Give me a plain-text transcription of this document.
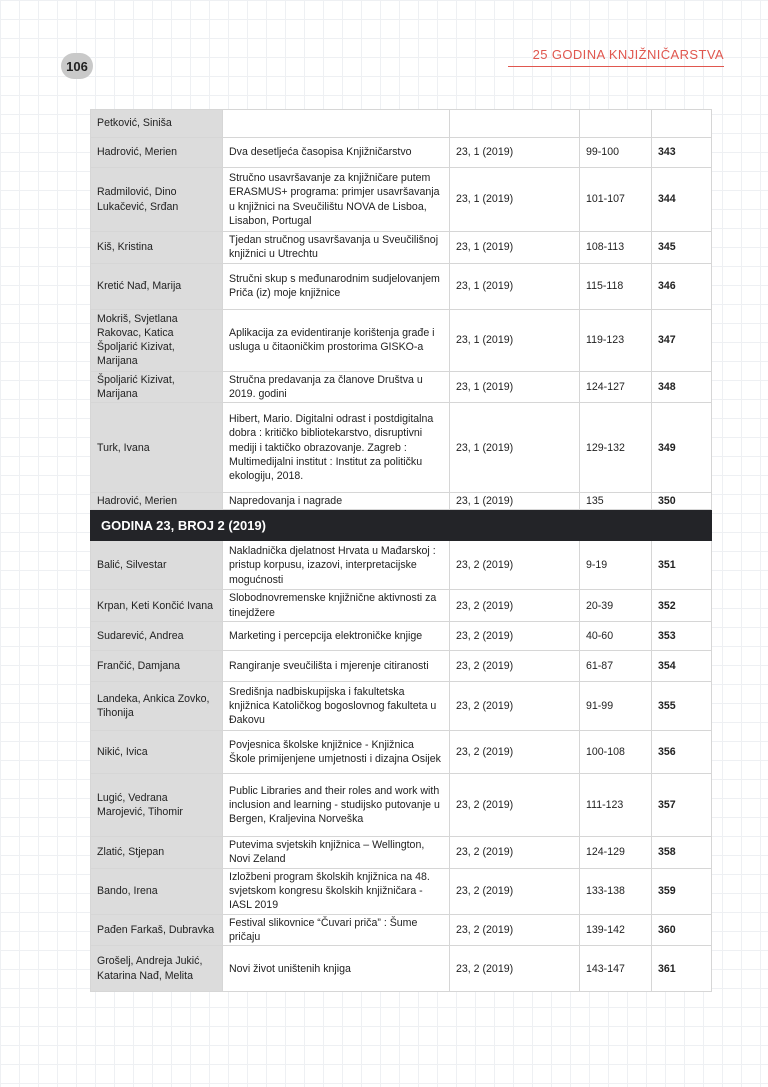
106
25 GODINA KNJIŽNIČARSTVA
Petković, Siniša				
Hadrović, Merien	Dva desetljeća časopisa Knjižničarstvo	23, 1 (2019)	99-100	343
Radmilović, Dino Lukačević, Srđan	Stručno usavršavanje za knjižničare putem ERASMUS+ programa: primjer usavršavanja u knjižnici na Sveučilištu NOVA de Lisboa, Lisabon, Portugal	23, 1 (2019)	101-107	344
Kiš, Kristina	Tjedan stručnog usavršavanja u Sveučilišnoj knjižnici u Utrechtu	23, 1 (2019)	108-113	345
Kretić Nađ, Marija	Stručni skup s međunarodnim sudjelovanjem Priča (iz) moje knjižnice	23, 1 (2019)	115-118	346
Mokriš, Svjetlana Rakovac, Katica Špoljarić Kizivat, Marijana	Aplikacija za evidentiranje korištenja građe i usluga u čitaoničkim prostorima GISKO-a	23, 1 (2019)	119-123	347
Špoljarić Kizivat, Marijana	Stručna predavanja za članove Društva u 2019. godini	23, 1 (2019)	124-127	348
Turk, Ivana	Hibert, Mario. Digitalni odrast i postdigitalna dobra : kritičko bibliotekarstvo, disruptivni mediji i taktičko obrazovanje. Zagreb : Multimedijalni institut : Institut za političku ekologiju, 2018.	23, 1 (2019)	129-132	349
Hadrović, Merien	Napredovanja i nagrade	23, 1 (2019)	135	350
GODINA 23, BROJ 2 (2019)				
Balić, Silvestar	Nakladnička djelatnost Hrvata u Mađarskoj : pristup korpusu, izazovi, interpretacijske mogućnosti	23, 2 (2019)	9-19	351
Krpan, Keti Končić Ivana	Slobodnovremenske knjižnične aktivnosti za tinejdžere	23, 2 (2019)	20-39	352
Sudarević, Andrea	Marketing i percepcija elektroničke knjige	23, 2 (2019)	40-60	353
Frančić, Damjana	Rangiranje sveučilišta i mjerenje citiranosti	23, 2 (2019)	61-87	354
Landeka, Ankica Zovko, Tihonija	Središnja nadbiskupijska i fakultetska knjižnica Katoličkog bogoslovnog fakulteta u Đakovu	23, 2 (2019)	91-99	355
Nikić, Ivica	Povjesnica školske knjižnice - Knjižnica Škole primijenjene umjetnosti i dizajna Osijek	23, 2 (2019)	100-108	356
Lugić, Vedrana Marojević, Tihomir	Public Libraries and their roles and work with inclusion and learning - studijsko putovanje u Bergen, Kraljevina Norveška	23, 2 (2019)	111-123	357
Zlatić, Stjepan	Putevima svjetskih knjižnica – Wellington, Novi Zeland	23, 2 (2019)	124-129	358
Bando, Irena	Izložbeni program školskih knjižnica na 48. svjetskom kongresu školskih knjižničara - IASL 2019	23, 2 (2019)	133-138	359
Pađen Farkaš, Dubravka	Festival slikovnice “Čuvari priča” : Šume pričaju	23, 2 (2019)	139-142	360
Grošelj, Andreja Jukić, Katarina Nađ, Melita	Novi život uništenih knjiga	23, 2 (2019)	143-147	361
